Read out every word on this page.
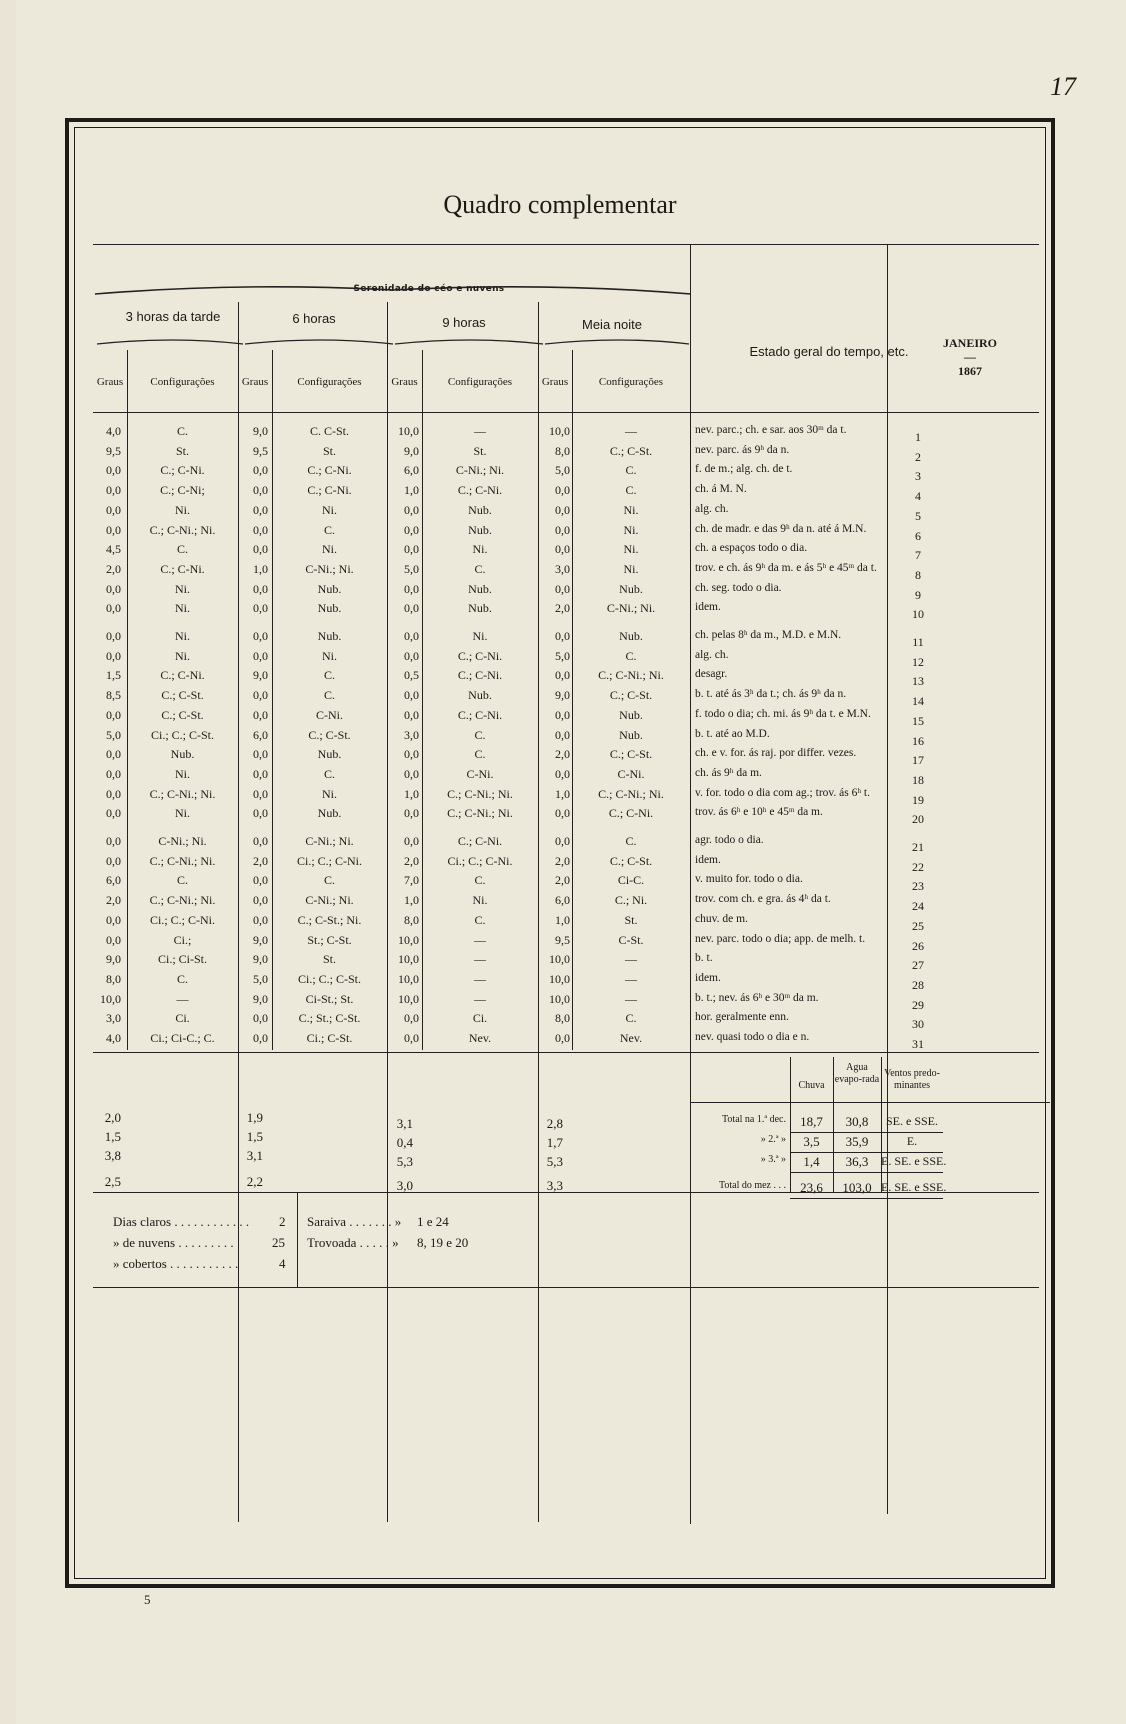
17
Quadro complementar
Serenidade do céo e nuvens
3 horas da tarde	6 horas	9 horas	Meia noite
Graus	Configurações	Graus	Configurações	Graus	Configurações	Graus	Configurações
Estado geral do tempo, etc.
JANEIRO
—
1867
4,0	C.	9,0	C. C-St.	10,0	—	10,0	—	nev. parc.; ch. e sar. aos 30ᵐ da t.	1
9,5	St.	9,5	St.	9,0	St.	8,0	C.; C-St.	nev. parc. ás 9ʰ da n.	2
0,0	C.; C-Ni.	0,0	C.; C-Ni.	6,0	C-Ni.; Ni.	5,0	C.	f. de m.; alg. ch. de t.	3
0,0	C.; C-Ni;	0,0	C.; C-Ni.	1,0	C.; C-Ni.	0,0	C.	ch. á M. N.	4
0,0	Ni.	0,0	Ni.	0,0	Nub.	0,0	Ni.	alg. ch.	5
0,0	C.; C-Ni.; Ni.	0,0	C.	0,0	Nub.	0,0	Ni.	ch. de madr. e das 9ʰ da n. até á M.N.	6
4,5	C.	0,0	Ni.	0,0	Ni.	0,0	Ni.	ch. a espaços todo o dia.	7
2,0	C.; C-Ni.	1,0	C-Ni.; Ni.	5,0	C.	3,0	Ni.	trov. e ch. ás 9ʰ da m. e ás 5ʰ e 45ᵐ da t.	8
0,0	Ni.	0,0	Nub.	0,0	Nub.	0,0	Nub.	ch. seg. todo o dia.	9
0,0	Ni.	0,0	Nub.	0,0	Nub.	2,0	C-Ni.; Ni.	idem.	10
0,0	Ni.	0,0	Nub.	0,0	Ni.	0,0	Nub.	ch. pelas 8ʰ da m., M.D. e M.N.	11
0,0	Ni.	0,0	Ni.	0,0	C.; C-Ni.	5,0	C.	alg. ch.	12
1,5	C.; C-Ni.	9,0	C.	0,5	C.; C-Ni.	0,0	C.; C-Ni.; Ni.	desagr.	13
8,5	C.; C-St.	0,0	C.	0,0	Nub.	9,0	C.; C-St.	b. t. até ás 3ʰ da t.; ch. ás 9ʰ da n.	14
0,0	C.; C-St.	0,0	C-Ni.	0,0	C.; C-Ni.	0,0	Nub.	f. todo o dia; ch. mi. ás 9ʰ da t. e M.N.	15
5,0	Ci.; C.; C-St.	6,0	C.; C-St.	3,0	C.	0,0	Nub.	b. t. até ao M.D.	16
0,0	Nub.	0,0	Nub.	0,0	C.	2,0	C.; C-St.	ch. e v. for. ás raj. por differ. vezes.	17
0,0	Ni.	0,0	C.	0,0	C-Ni.	0,0	C-Ni.	ch. ás 9ʰ da m.	18
0,0	C.; C-Ni.; Ni.	0,0	Ni.	1,0	C.; C-Ni.; Ni.	1,0	C.; C-Ni.; Ni.	v. for. todo o dia com ag.; trov. ás 6ʰ t.	19
0,0	Ni.	0,0	Nub.	0,0	C.; C-Ni.; Ni.	0,0	C.; C-Ni.	trov. ás 6ʰ e 10ʰ e 45ᵐ da m.	20
0,0	C-Ni.; Ni.	0,0	C-Ni.; Ni.	0,0	C.; C-Ni.	0,0	C.	agr. todo o dia.	21
0,0	C.; C-Ni.; Ni.	2,0	Ci.; C.; C-Ni.	2,0	Ci.; C.; C-Ni.	2,0	C.; C-St.	idem.	22
6,0	C.	0,0	C.	7,0	C.	2,0	Ci-C.	v. muito for. todo o dia.	23
2,0	C.; C-Ni.; Ni.	0,0	C-Ni.; Ni.	1,0	Ni.	6,0	C.; Ni.	trov. com ch. e gra. ás 4ʰ da t.	24
0,0	Ci.; C.; C-Ni.	0,0	C.; C-St.; Ni.	8,0	C.	1,0	St.	chuv. de m.	25
0,0	Ci.;	9,0	St.; C-St.	10,0	—	9,5	C-St.	nev. parc. todo o dia; app. de melh. t.	26
9,0	Ci.; Ci-St.	9,0	St.	10,0	—	10,0	—	b. t.	27
8,0	C.	5,0	Ci.; C.; C-St.	10,0	—	10,0	—	idem.	28
10,0	—	9,0	Ci-St.; St.	10,0	—	10,0	—	b. t.; nev. ás 6ʰ e 30ᵐ da m.	29
3,0	Ci.	0,0	C.; St.; C-St.	0,0	Ci.	8,0	C.	hor. geralmente enn.	30
4,0	Ci.; Ci-C.; C.	0,0	Ci.; C-St.	0,0	Nev.	0,0	Nev.	nev. quasi todo o dia e n.	31
Chuva
Agua evapo-rada
Ventos predo-minantes
2,0	1,9	3,1	2,8
1,5	1,5	0,4	1,7
3,8	3,1	5,3	5,3
2,5	2,2	3,0	3,3
Total na 1.ª dec.	18,7	30,8	SE. e SSE.
» 2.ª »	3,5	35,9	E.
» 3.ª »	1,4	36,3	E. SE. e SSE.
Total do mez . . .	23,6	103,0 E. SE. e SSE.
Dias claros . . . . . . . . . . . . 2
» de nuvens . . . . . . . . .	25
» cobertos . . . . . . . . . . .	4
Saraiva . . . . . . . » 1 e 24
Trovoada . . . . . » 8, 19 e 20
5
